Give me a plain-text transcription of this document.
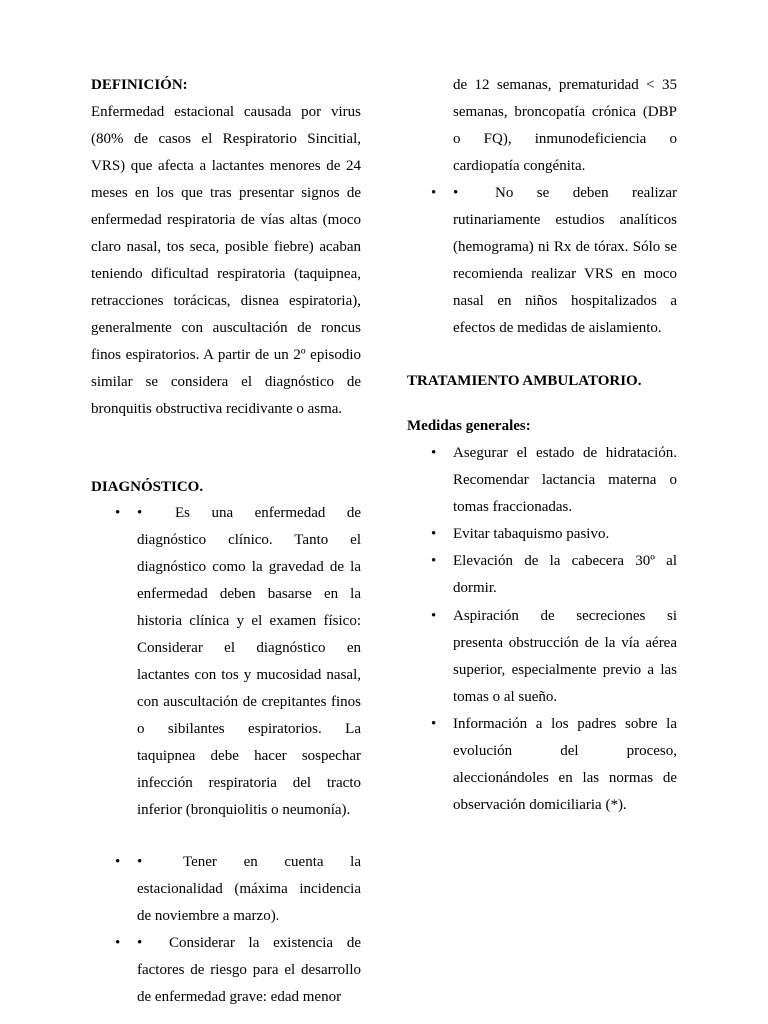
DEFINICIÓN:

Enfermedad estacional causada por virus (80% de casos el Respiratorio Sincitial, VRS) que afecta a lactantes menores de 24 meses en los que tras presentar signos de enfermedad respiratoria de vías altas (moco claro nasal, tos seca, posible fiebre) acaban teniendo dificultad respiratoria (taquipnea, retracciones torácicas, disnea espiratoria), generalmente con auscultación de roncus finos espiratorios. A partir de un 2º episodio similar se considera el diagnóstico de bronquitis obstructiva recidivante o asma.

DIAGNÓSTICO.
•	• Es una enfermedad de diagnóstico clínico. Tanto el diagnóstico como la gravedad de la enfermedad deben basarse en la historia clínica y el examen físico: Considerar el diagnóstico en lactantes con tos y mucosidad nasal, con auscultación de crepitantes finos o sibilantes espiratorios. La taquipnea debe hacer sospechar infección respiratoria del tracto inferior (bronquiolitis o neumonía).

•	•	Tener en cuenta la estacionalidad (máxima incidencia de noviembre a marzo).

•	• Considerar la existencia de factores de riesgo para el desarrollo de enfermedad grave: edad menor

de 12 semanas, prematuridad < 35 semanas, broncopatía crónica (DBP o FQ), inmunodeficiencia o cardiopatía congénita.

•	• No se deben realizar rutinariamente estudios analíticos (hemograma) ni Rx de tórax. Sólo se recomienda realizar VRS en moco nasal en niños hospitalizados a efectos de medidas de aislamiento.

TRATAMIENTO AMBULATORIO.
Medidas generales:
•	Asegurar el estado de hidratación. Recomendar lactancia materna o tomas fraccionadas.

•	Evitar tabaquismo pasivo.

•	Elevación de la cabecera 30º al dormir.

•	Aspiración de secreciones si presenta obstrucción de la vía aérea superior, especialmente previo a las tomas o al sueño.

•	Información a los padres sobre la evolución del proceso, aleccionándoles en las normas de observación domiciliaria (*).
